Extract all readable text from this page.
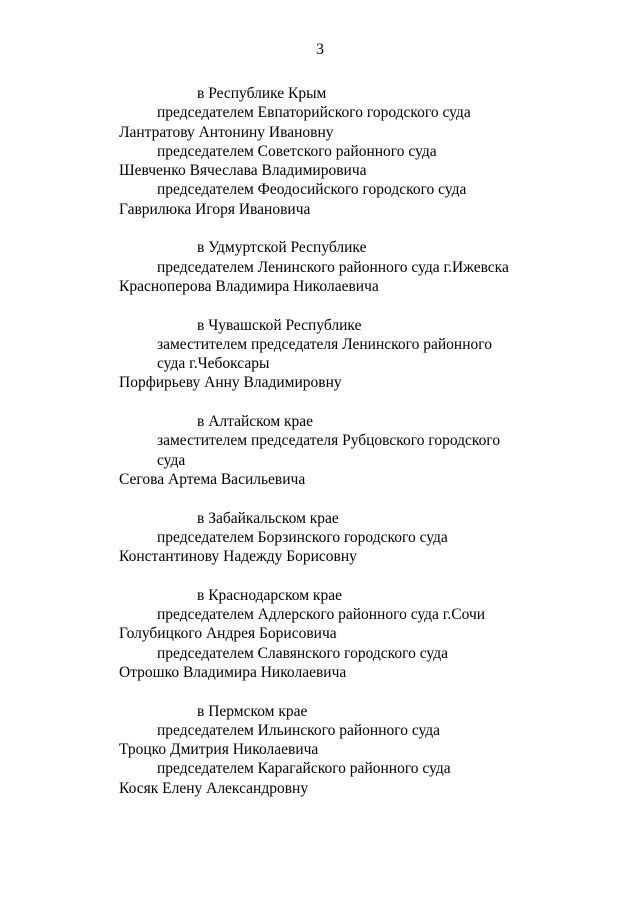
3

в Республике Крым

председателем Евпаторийского городского суда

Лантратову Антонину Ивановну

председателем Советского районного суда

Шевченко Вячеслава Владимировича

председателем Феодосийского городского суда

Гаврилюка Игоря Ивановича

в Удмуртской Республике

председателем Ленинского районного суда г.Ижевска

Красноперова Владимира Николаевича

в Чувашской Республике

заместителем председателя Ленинского районного

суда г.Чебоксары

Порфирьеву Анну Владимировну

в Алтайском крае

заместителем председателя Рубцовского городского

суда

Сегова Артема Васильевича

в Забайкальском крае

председателем Борзинского городского суда

Константинову Надежду Борисовну

в Краснодарском крае

председателем Адлерского районного суда г.Сочи

Голубицкого Андрея Борисовича

председателем Славянского городского суда

Отрошко Владимира Николаевича

в Пермском крае

председателем Ильинского районного суда

Троцко Дмитрия Николаевича

председателем Карагайского районного суда

Косяк Елену Александровну
